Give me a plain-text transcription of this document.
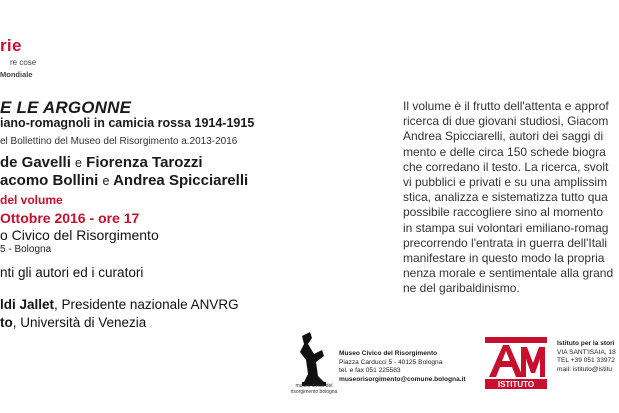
rie
re cose
Mondiale
E LE ARGONNE
iano-romagnoli in camicia rossa 1914-1915
el Bollettino del Museo del Risorgimento a.2013-2016
de Gavelli e Fiorenza Tarozzi
acomo Bollini e Andrea Spicciarelli
del volume
Ottobre 2016 - ore 17
o Civico del Risorgimento
5 - Bologna
nti gli autori ed i curatori
ldi Jallet, Presidente nazionale ANVRG
to, Università di Venezia
Il volume è il frutto dell'attenta e approf
ricerca di due giovani studiosi, Giacom
Andrea Spicciarelli, autori dei saggi di
mento e delle circa 150 schede biogra
che corredano il testo. La ricerca, svolt
vi pubblici e privati e su una amplissim
stica, analizza e sistematizza tutto qua
possibile raccogliere sino al momento
in stampa sui volontari emiliano-romag
precorrendo l'entrata in guerra dell'Itali
manifestare in questo modo la propria
nenza morale e sentimentale alla grand
ne del garibaldinismo.
museo civico del risorgimento bologna
Museo Civico del Risorgimento
Piazza Carducci 5 - 40125 Bologna
tel. e fax 051 225583
museorisorgimento@comune.bologna.it
ISTITUTO
Istituto per la stori
VIA SANT'ISAIA, 18
TEL +39 051 33972
mail: istituto@istitu
